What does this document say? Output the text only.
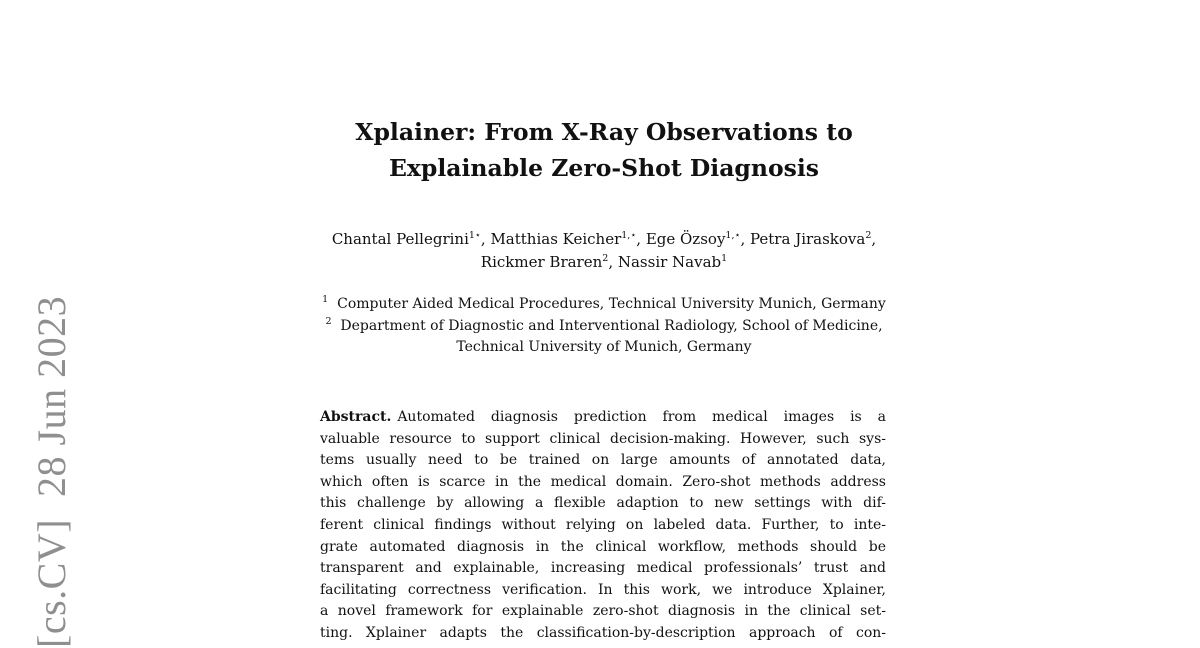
[cs.CV]28 Jun 2023
Xplainer: From X-Ray Observations to
Explainable Zero-Shot Diagnosis
Chantal Pellegrini$^{1⋆}$, Matthias Keicher$^{1,⋆}$, Ege Özsoy$^{1,⋆}$, Petra Jiraskova$^2$,
Rickmer Braren$^2$, Nassir Navab$^1$
$^1$ Computer Aided Medical Procedures, Technical University Munich, Germany
$^2$ Department of Diagnostic and Interventional Radiology, School of Medicine,
Technical University of Munich, Germany
Abstract. Automated diagnosis prediction from medical images is a
valuable resource to support clinical decision-making. However, such sys-
tems usually need to be trained on large amounts of annotated data,
which often is scarce in the medical domain. Zero-shot methods address
this challenge by allowing a flexible adaption to new settings with dif-
ferent clinical findings without relying on labeled data. Further, to inte-
grate automated diagnosis in the clinical workflow, methods should be
transparent and explainable, increasing medical professionals’ trust and
facilitating correctness verification. In this work, we introduce Xplainer,
a novel framework for explainable zero-shot diagnosis in the clinical set-
ting. Xplainer adapts the classification-by-description approach of con-
